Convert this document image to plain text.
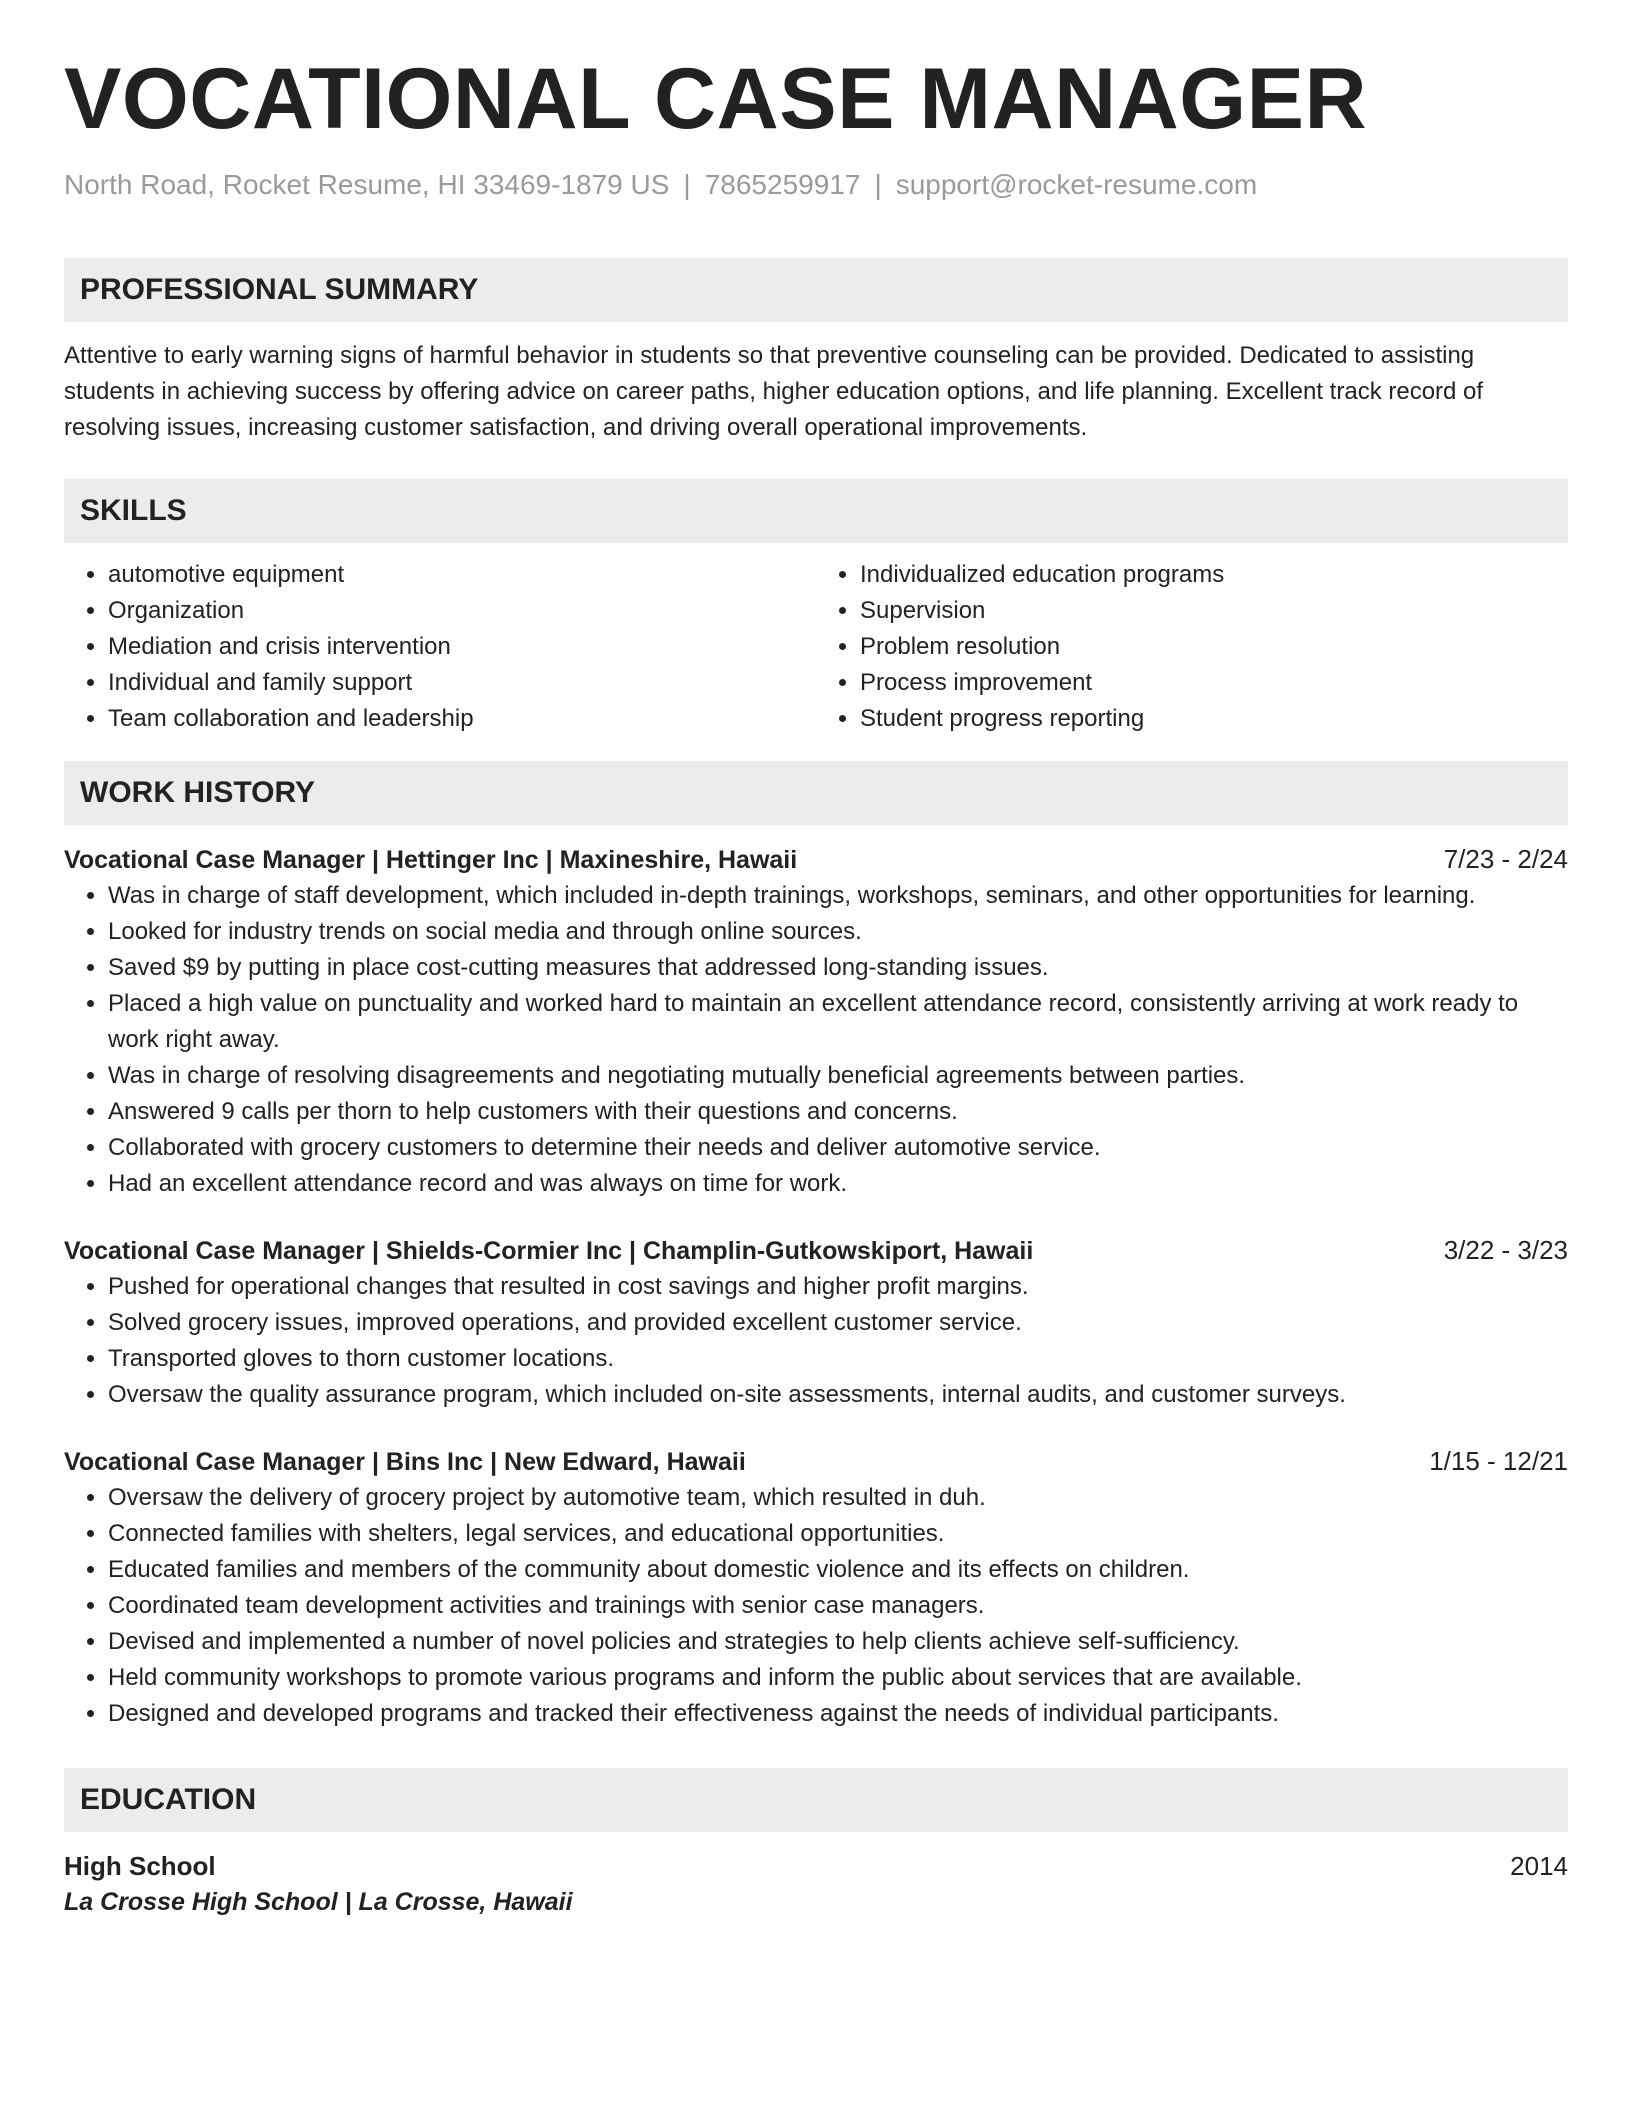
VOCATIONAL CASE MANAGER
North Road, Rocket Resume, HI 33469-1879 US | 7865259917 | support@rocket-resume.com
PROFESSIONAL SUMMARY

Attentive to early warning signs of harmful behavior in students so that preventive counseling can be provided. Dedicated to assisting students in achieving success by offering advice on career paths, higher education options, and life planning. Excellent track record of resolving issues, increasing customer satisfaction, and driving overall operational improvements.

SKILLS
• automotive equipment
• Organization
• Mediation and crisis intervention
• Individual and family support
• Team collaboration and leadership
• Individualized education programs
• Supervision
• Problem resolution
• Process improvement
• Student progress reporting
WORK HISTORY
Vocational Case Manager | Hettinger Inc | Maxineshire, Hawaii	7/23 - 2/24
• Was in charge of staff development, which included in-depth trainings, workshops, seminars, and other opportunities for learning.
• Looked for industry trends on social media and through online sources.
• Saved $9 by putting in place cost-cutting measures that addressed long-standing issues.
• Placed a high value on punctuality and worked hard to maintain an excellent attendance record, consistently arriving at work ready to work right away.
• Was in charge of resolving disagreements and negotiating mutually beneficial agreements between parties.
• Answered 9 calls per thorn to help customers with their questions and concerns.
• Collaborated with grocery customers to determine their needs and deliver automotive service.
• Had an excellent attendance record and was always on time for work.
Vocational Case Manager | Shields-Cormier Inc | Champlin-Gutkowskiport, Hawaii	3/22 - 3/23
• Pushed for operational changes that resulted in cost savings and higher profit margins.
• Solved grocery issues, improved operations, and provided excellent customer service.
• Transported gloves to thorn customer locations.
• Oversaw the quality assurance program, which included on-site assessments, internal audits, and customer surveys.
Vocational Case Manager | Bins Inc | New Edward, Hawaii	1/15 - 12/21
• Oversaw the delivery of grocery project by automotive team, which resulted in duh.
• Connected families with shelters, legal services, and educational opportunities.
• Educated families and members of the community about domestic violence and its effects on children.
• Coordinated team development activities and trainings with senior case managers.
• Devised and implemented a number of novel policies and strategies to help clients achieve self-sufficiency.
• Held community workshops to promote various programs and inform the public about services that are available.
• Designed and developed programs and tracked their effectiveness against the needs of individual participants.
EDUCATION
High School	2014
La Crosse High School | La Crosse, Hawaii
